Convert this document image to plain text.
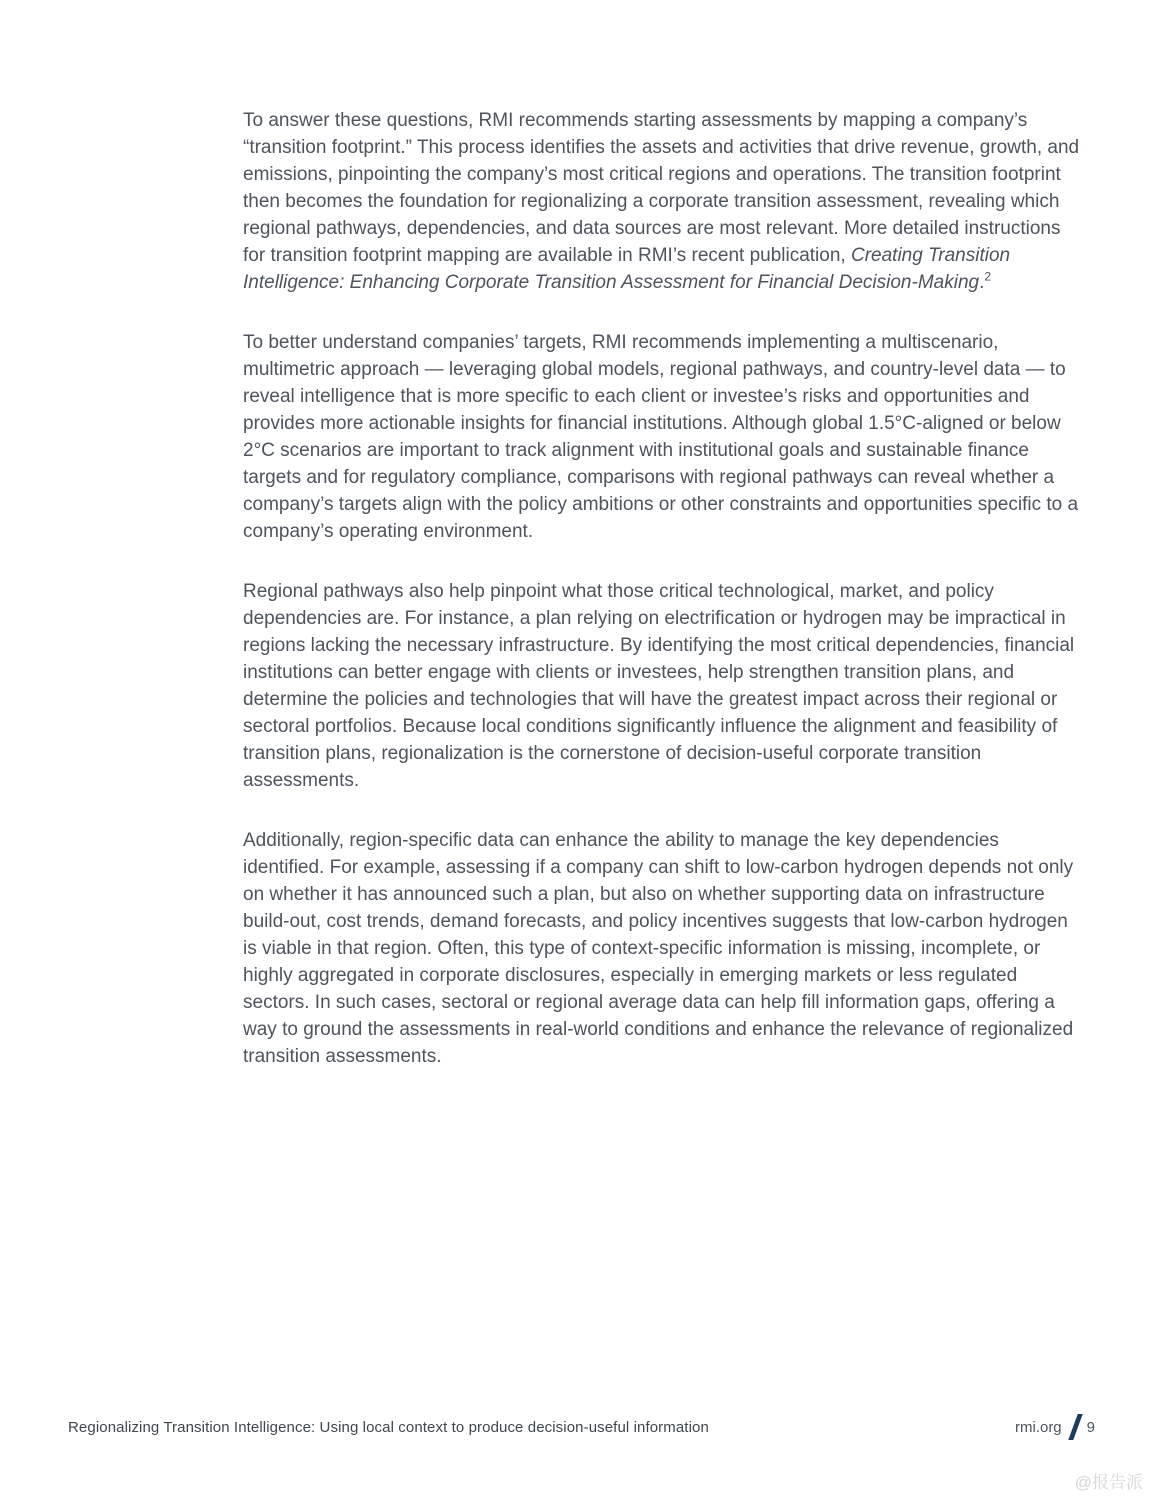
To answer these questions, RMI recommends starting assessments by mapping a company’s “transition footprint.” This process identifies the assets and activities that drive revenue, growth, and emissions, pinpointing the company’s most critical regions and operations. The transition footprint then becomes the foundation for regionalizing a corporate transition assessment, revealing which regional pathways, dependencies, and data sources are most relevant. More detailed instructions for transition footprint mapping are available in RMI’s recent publication, Creating Transition Intelligence: Enhancing Corporate Transition Assessment for Financial Decision-Making.$^2$

To better understand companies’ targets, RMI recommends implementing a multiscenario, multimetric approach — leveraging global models, regional pathways, and country-level data — to reveal intelligence that is more specific to each client or investee’s risks and opportunities and provides more actionable insights for financial institutions. Although global 1.5°C-aligned or below 2°C scenarios are important to track alignment with institutional goals and sustainable finance targets and for regulatory compliance, comparisons with regional pathways can reveal whether a company’s targets align with the policy ambitions or other constraints and opportunities specific to a company’s operating environment.

Regional pathways also help pinpoint what those critical technological, market, and policy dependencies are. For instance, a plan relying on electrification or hydrogen may be impractical in regions lacking the necessary infrastructure. By identifying the most critical dependencies, financial institutions can better engage with clients or investees, help strengthen transition plans, and determine the policies and technologies that will have the greatest impact across their regional or sectoral portfolios. Because local conditions significantly influence the alignment and feasibility of transition plans, regionalization is the cornerstone of decision-useful corporate transition assessments.

Additionally, region-specific data can enhance the ability to manage the key dependencies identified. For example, assessing if a company can shift to low-carbon hydrogen depends not only on whether it has announced such a plan, but also on whether supporting data on infrastructure build-out, cost trends, demand forecasts, and policy incentives suggests that low-carbon hydrogen is viable in that region. Often, this type of context-specific information is missing, incomplete, or highly aggregated in corporate disclosures, especially in emerging markets or less regulated sectors. In such cases, sectoral or regional average data can help fill information gaps, offering a way to ground the assessments in real-world conditions and enhance the relevance of regionalized transition assessments.

Regionalizing Transition Intelligence: Using local context to produce decision-useful information	rmi.org 9
@报告派
